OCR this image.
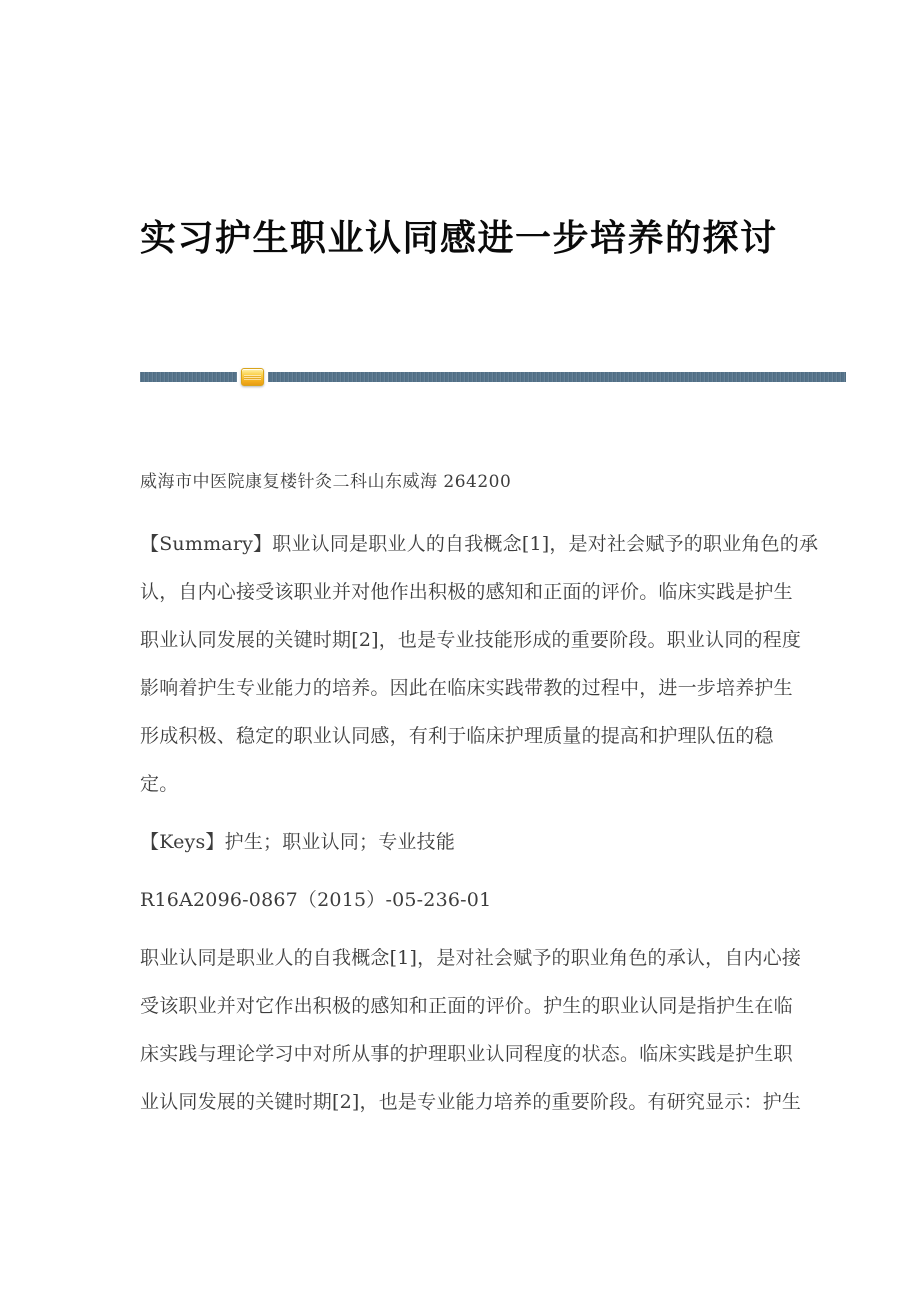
实习护生职业认同感进一步培养的探讨
威海市中医院康复楼针灸二科山东威海 264200
【Summary】职业认同是职业人的自我概念[1]，是对社会赋予的职业角色的承
认，自内心接受该职业并对他作出积极的感知和正面的评价。临床实践是护生
职业认同发展的关键时期[2]，也是专业技能形成的重要阶段。职业认同的程度
影响着护生专业能力的培养。因此在临床实践带教的过程中，进一步培养护生
形成积极、稳定的职业认同感，有利于临床护理质量的提高和护理队伍的稳
定。
【Keys】护生；职业认同；专业技能
R16A2096-0867（2015）-05-236-01
职业认同是职业人的自我概念[1]，是对社会赋予的职业角色的承认，自内心接
受该职业并对它作出积极的感知和正面的评价。护生的职业认同是指护生在临
床实践与理论学习中对所从事的护理职业认同程度的状态。临床实践是护生职
业认同发展的关键时期[2]，也是专业能力培养的重要阶段。有研究显示：护生
